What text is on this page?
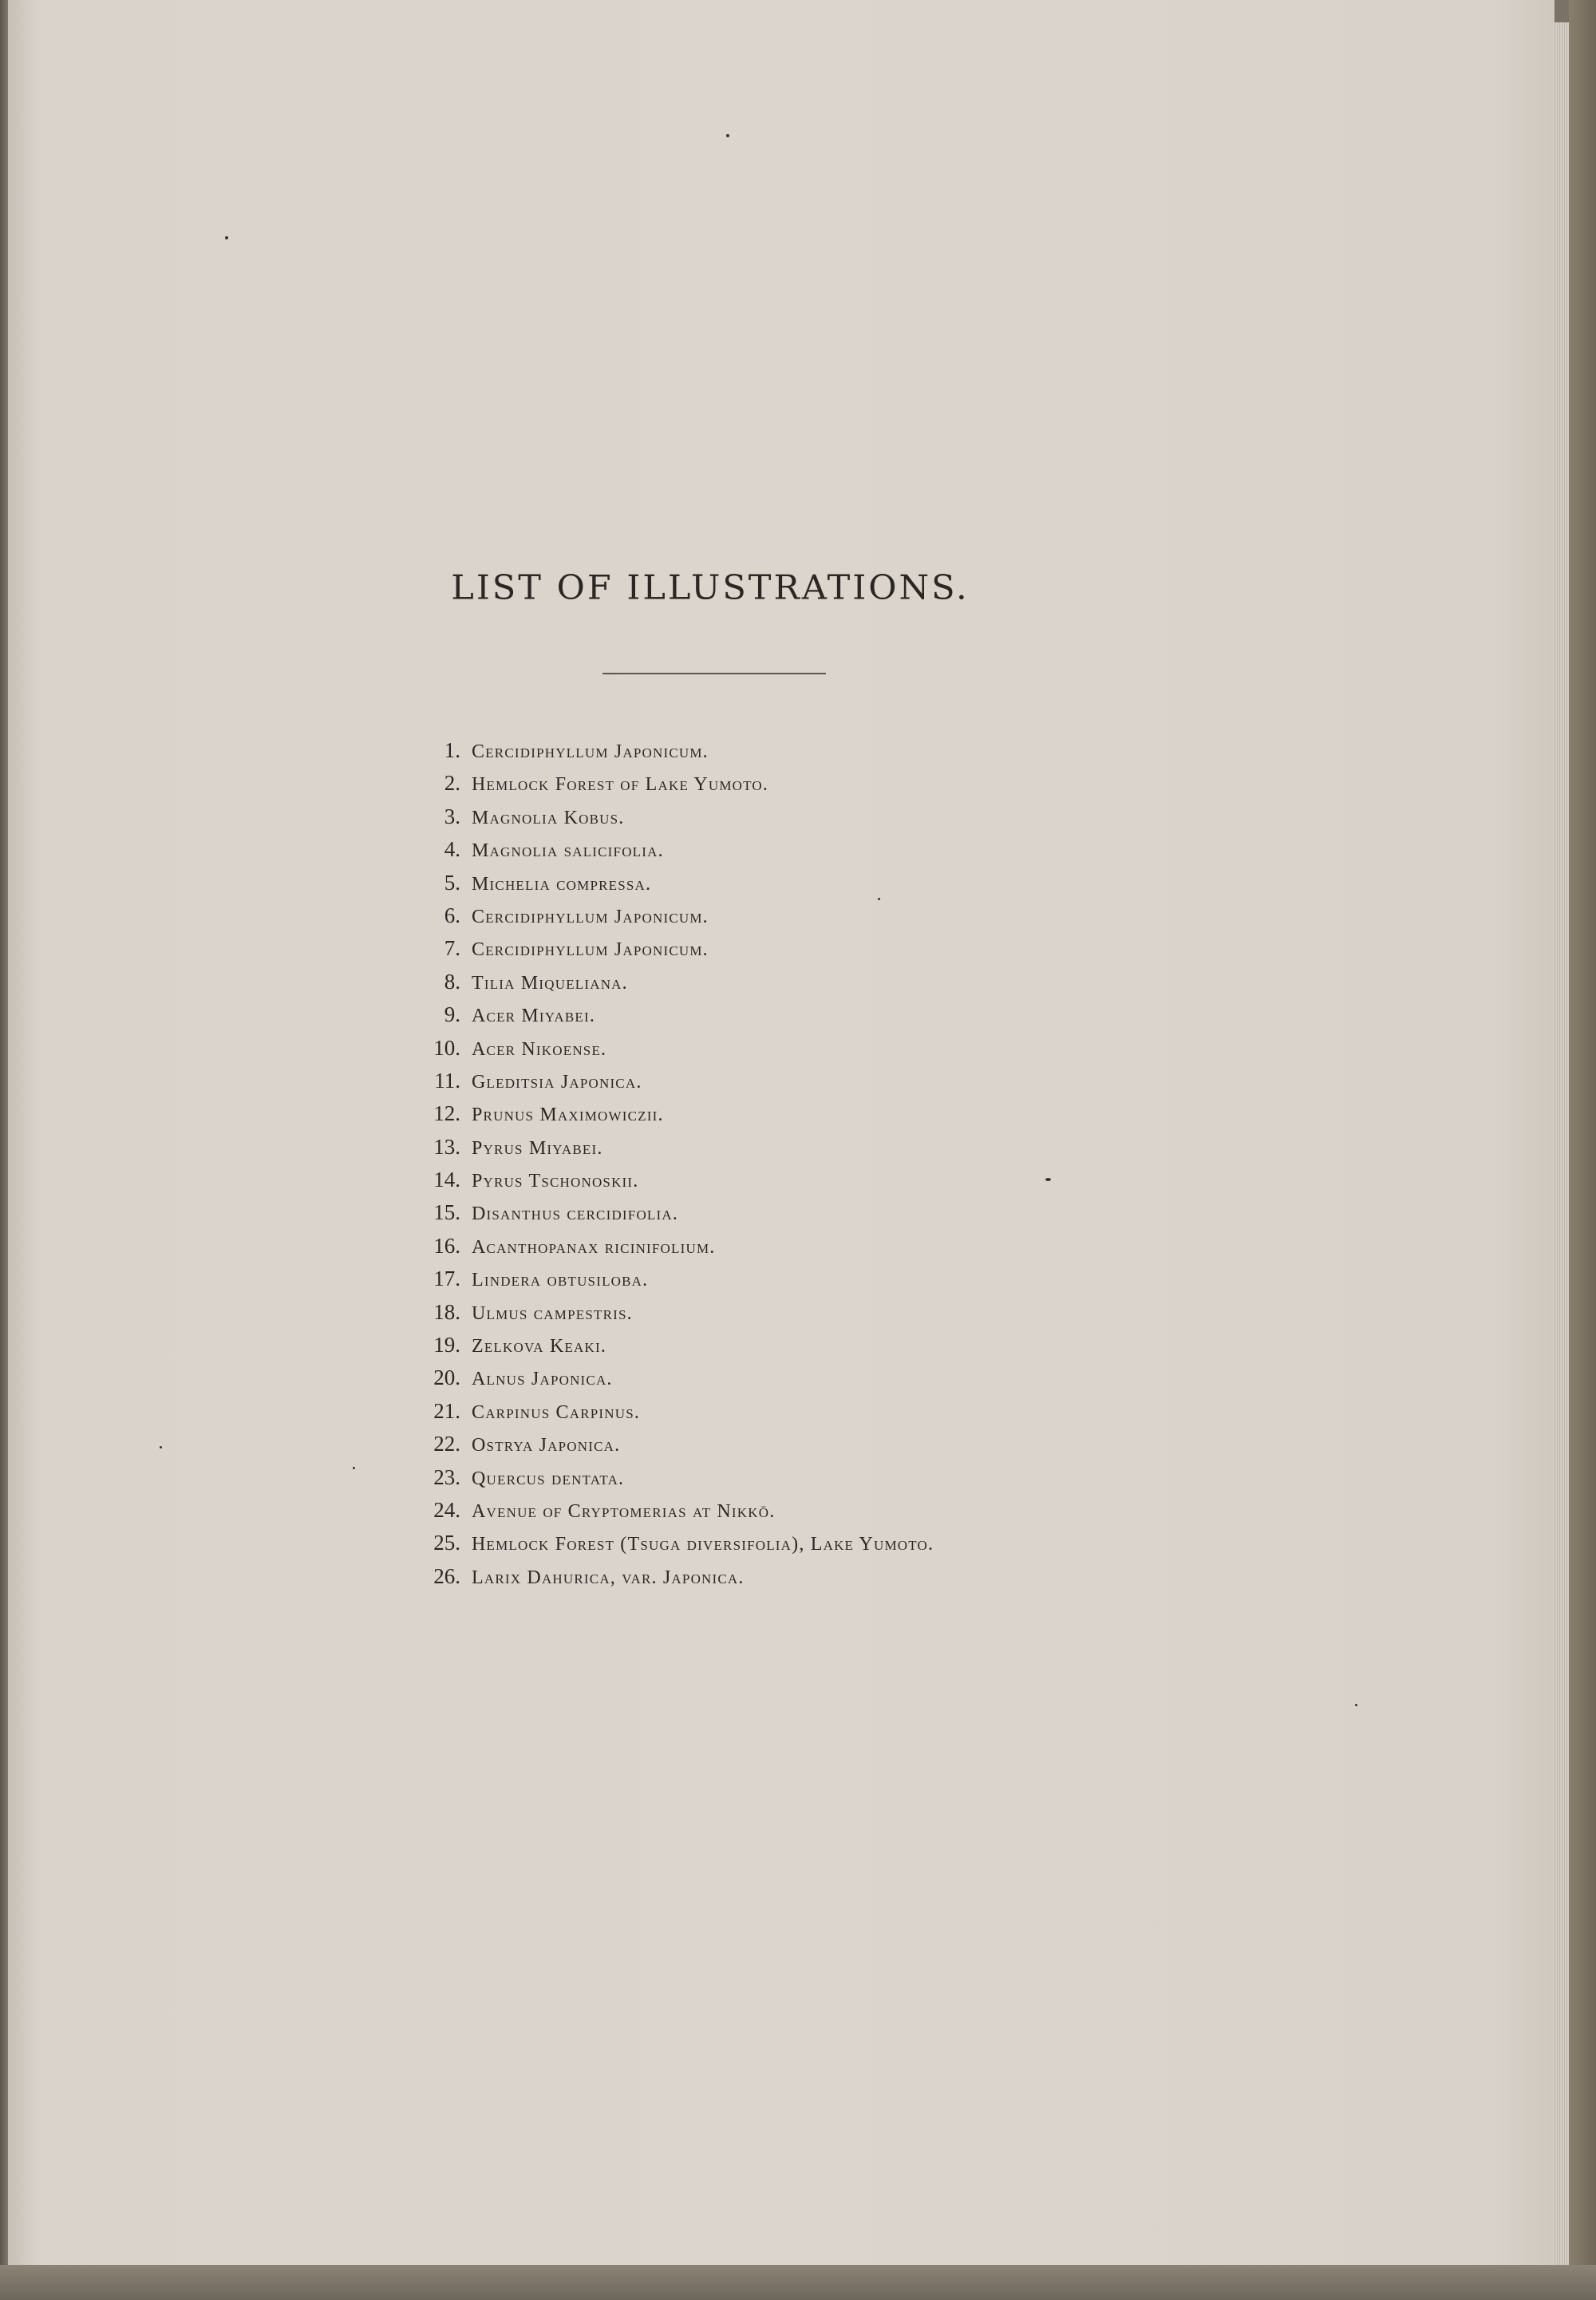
LIST OF ILLUSTRATIONS.
1. Cercidiphyllum Japonicum.
2. Hemlock Forest of Lake Yumoto.
3. Magnolia Kobus.
4. Magnolia salicifolia.
5. Michelia compressa.
6. Cercidiphyllum Japonicum.
7. Cercidiphyllum Japonicum.
8. Tilia Miqueliana.
9. Acer Miyabei.
10. Acer Nikoense.
11. Gleditsia Japonica.
12. Prunus Maximowiczii.
13. Pyrus Miyabei.
14. Pyrus Tschonoskii.
15. Disanthus cercidifolia.
16. Acanthopanax ricinifolium.
17. Lindera obtusiloba.
18. Ulmus campestris.
19. Zelkova Keaki.
20. Alnus Japonica.
21. Carpinus Carpinus.
22. Ostrya Japonica.
23. Quercus dentata.
24. Avenue of Cryptomerias at Nikkō.
25. Hemlock Forest (Tsuga diversifolia), Lake Yumoto.
26. Larix Dahurica, var. Japonica.
